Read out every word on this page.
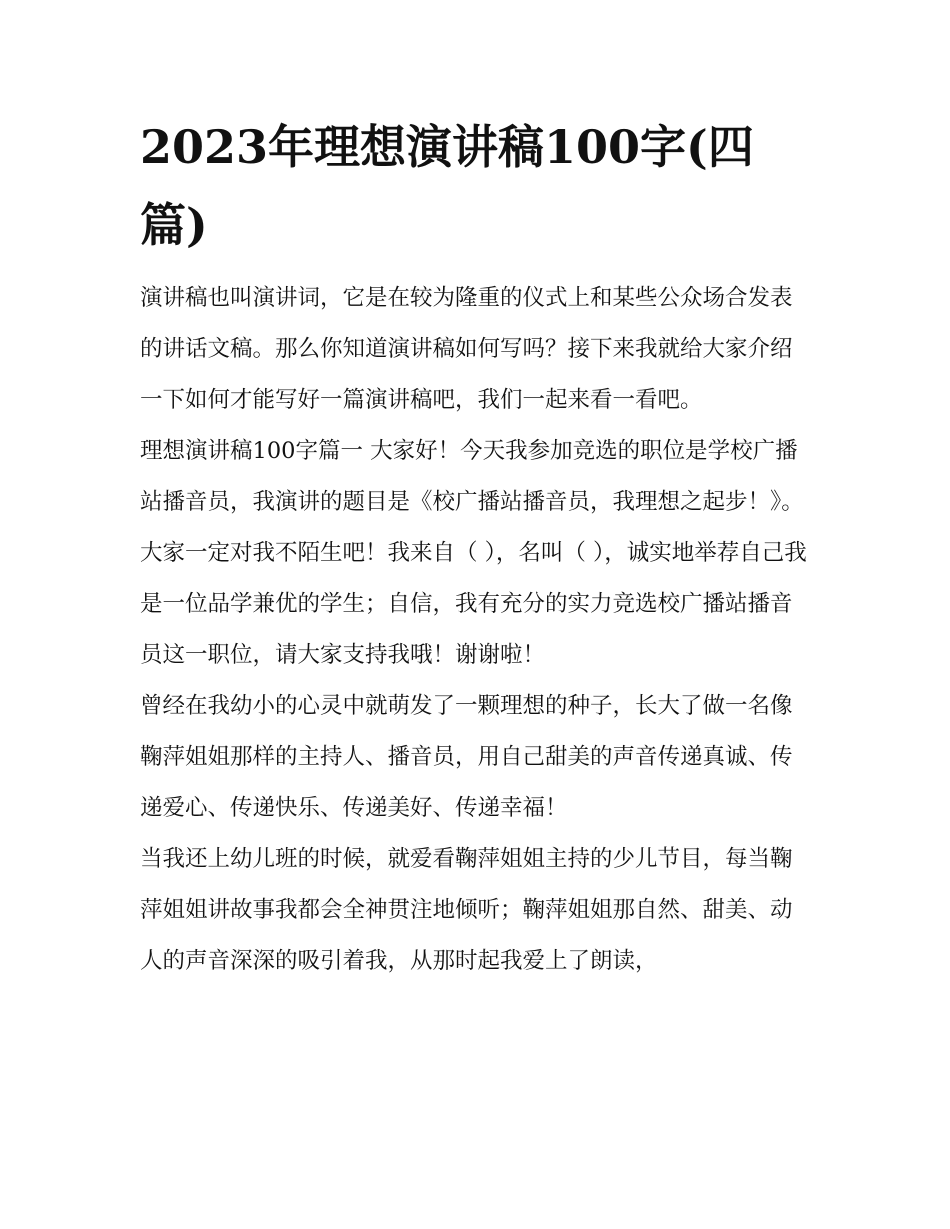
2023年理想演讲稿100字(四篇)

演讲稿也叫演讲词，它是在较为隆重的仪式上和某些公众场合发表的讲话文稿。那么你知道演讲稿如何写吗？接下来我就给大家介绍一下如何才能写好一篇演讲稿吧，我们一起来看一看吧。

理想演讲稿100字篇一 大家好！今天我参加竞选的职位是学校广播站播音员，我演讲的题目是《校广播站播音员，我理想之起步！》。 大家一定对我不陌生吧！我来自（ ），名叫（ ），诚实地举荐自己我是一位品学兼优的学生；自信，我有充分的实力竞选校广播站播音员这一职位，请大家支持我哦！谢谢啦！

曾经在我幼小的心灵中就萌发了一颗理想的种子，长大了做一名像鞠萍姐姐那样的主持人、播音员，用自己甜美的声音传递真诚、传递爱心、传递快乐、传递美好、传递幸福！

当我还上幼儿班的时候，就爱看鞠萍姐姐主持的少儿节目，每当鞠萍姐姐讲故事我都会全神贯注地倾听；鞠萍姐姐那自然、甜美、动人的声音深深的吸引着我，从那时起我爱上了朗读，
